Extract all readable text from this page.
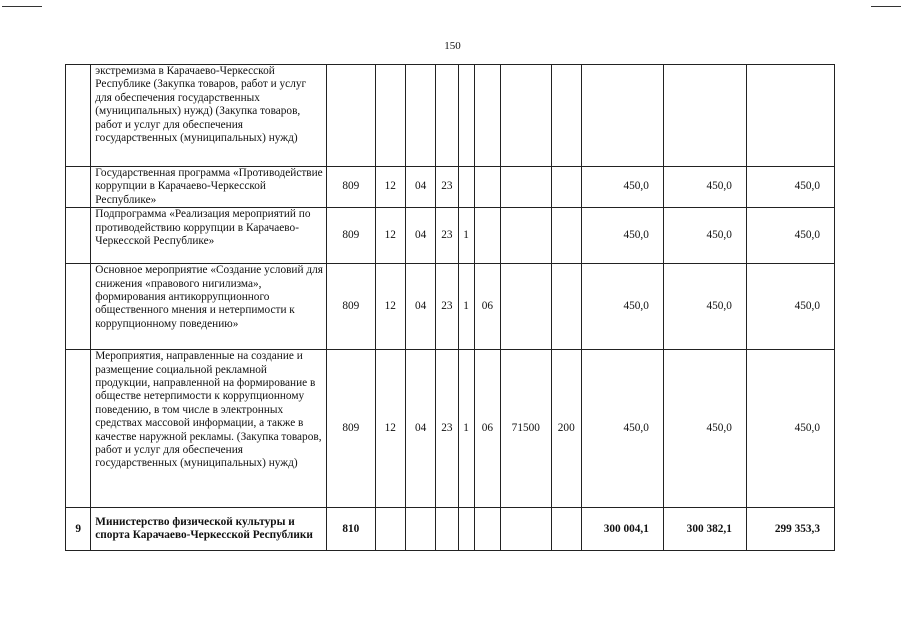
150
	экстремизма в Карачаево-Черкесской Республике (Закупка товаров, работ и услуг для обеспечения государственных (муниципальных) нужд) (Закупка товаров, работ и услуг для обеспечения государственных (муниципальных) нужд)											
	Государственная программа «Противодействие коррупции в Карачаево-Черкесской Республике»	809	12	04	23					450,0	450,0	450,0
	Подпрограмма «Реализация мероприятий по противодействию коррупции в Карачаево-Черкесской Республике»	809	12	04	23	1				450,0	450,0	450,0
	Основное мероприятие «Создание условий для снижения «правового нигилизма», формирования антикоррупционного общественного мнения и нетерпимости к коррупционному поведению»	809	12	04	23	1	06			450,0	450,0	450,0
	Мероприятия, направленные на создание и размещение социальной рекламной продукции, направленной на формирование в обществе нетерпимости к коррупционному поведению, в том числе в электронных средствах массовой информации, а также в качестве наружной рекламы. (Закупка товаров, работ и услуг для обеспечения государственных (муниципальных) нужд)	809	12	04	23	1	06	71500	200	450,0	450,0	450,0
9	Министерство физической культуры и спорта Карачаево-Черкесской Республики	810								300 004,1	300 382,1	299 353,3
